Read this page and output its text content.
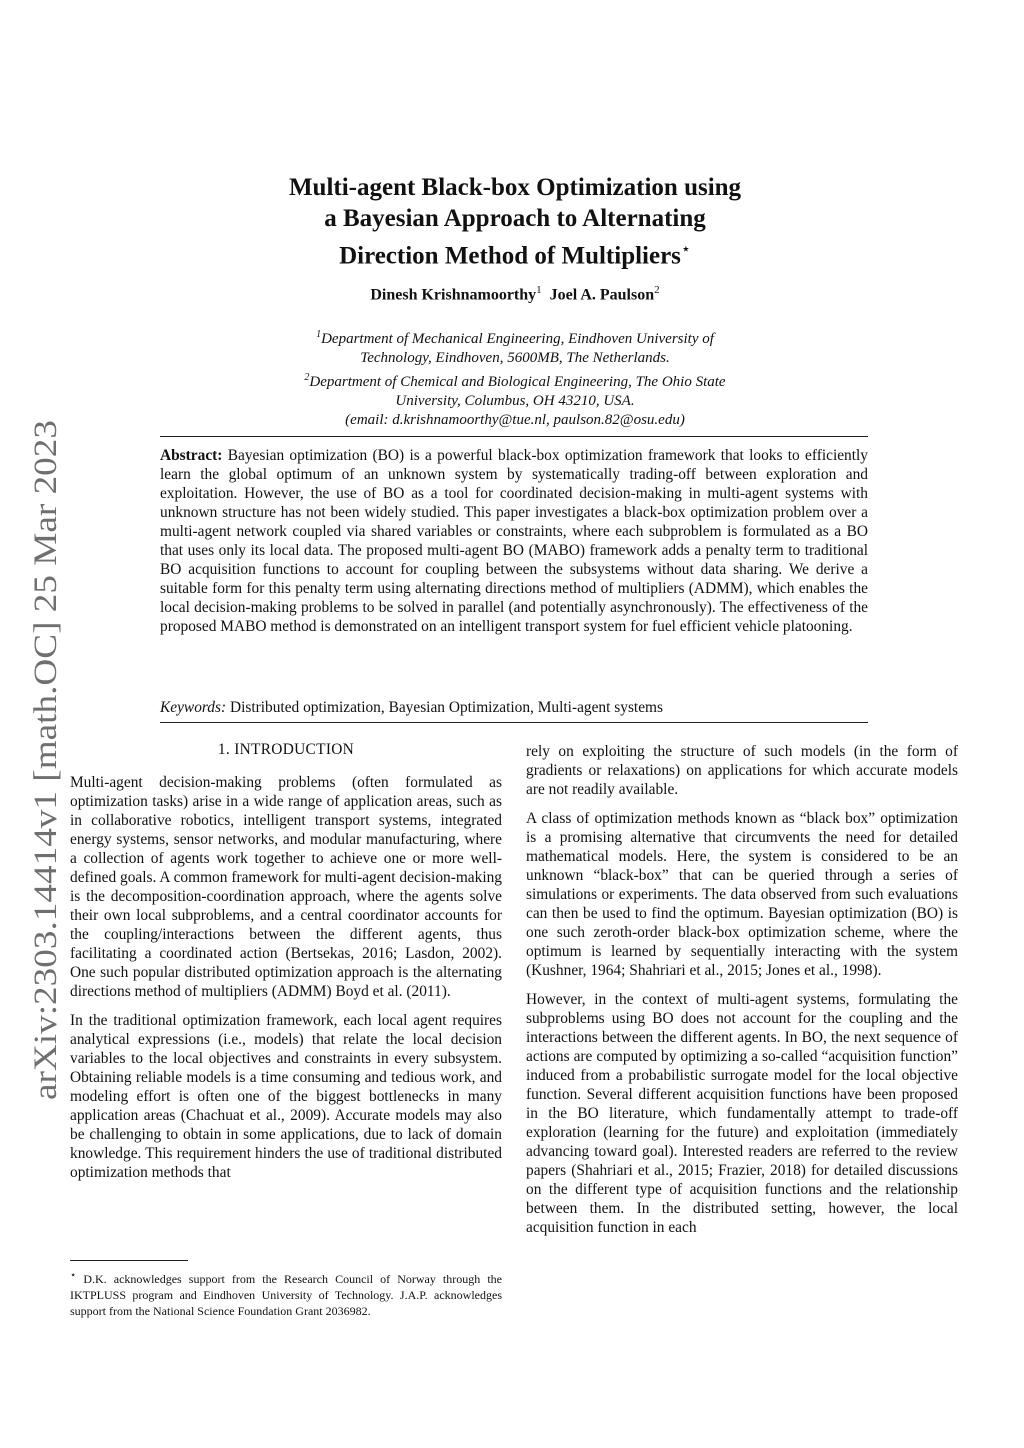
arXiv:2303.14414v1 [math.OC] 25 Mar 2023
Multi-agent Black-box Optimization using
a Bayesian Approach to Alternating
Direction Method of Multipliers⋆
Dinesh Krishnamoorthy$^1$ Joel A. Paulson$^2$
$^1$Department of Mechanical Engineering, Eindhoven University of
Technology, Eindhoven, 5600MB, The Netherlands.
$^2$Department of Chemical and Biological Engineering, The Ohio State
University, Columbus, OH 43210, USA.
(email: d.krishnamoorthy@tue.nl, paulson.82@osu.edu)
Abstract: Bayesian optimization (BO) is a powerful black-box optimization framework that looks to efficiently learn the global optimum of an unknown system by systematically trading-off between exploration and exploitation. However, the use of BO as a tool for coordinated decision-making in multi-agent systems with unknown structure has not been widely studied. This paper investigates a black-box optimization problem over a multi-agent network coupled via shared variables or constraints, where each subproblem is formulated as a BO that uses only its local data. The proposed multi-agent BO (MABO) framework adds a penalty term to traditional BO acquisition functions to account for coupling between the subsystems without data sharing. We derive a suitable form for this penalty term using alternating directions method of multipliers (ADMM), which enables the local decision-making problems to be solved in parallel (and potentially asynchronously). The effectiveness of the proposed MABO method is demonstrated on an intelligent transport system for fuel efficient vehicle platooning.
Keywords: Distributed optimization, Bayesian Optimization, Multi-agent systems
1. INTRODUCTION

Multi-agent decision-making problems (often formulated as optimization tasks) arise in a wide range of application areas, such as in collaborative robotics, intelligent transport systems, integrated energy systems, sensor networks, and modular manufacturing, where a collection of agents work together to achieve one or more well-defined goals. A common framework for multi-agent decision-making is the decomposition-coordination approach, where the agents solve their own local subproblems, and a central coordinator accounts for the coupling/interactions between the different agents, thus facilitating a coordinated action (Bertsekas, 2016; Lasdon, 2002). One such popular distributed optimization approach is the alternating directions method of multipliers (ADMM) Boyd et al. (2011).

In the traditional optimization framework, each local agent requires analytical expressions (i.e., models) that relate the local decision variables to the local objectives and constraints in every subsystem. Obtaining reliable models is a time consuming and tedious work, and modeling effort is often one of the biggest bottlenecks in many application areas (Chachuat et al., 2009). Accurate models may also be challenging to obtain in some applications, due to lack of domain knowledge. This requirement hinders the use of traditional distributed optimization methods that

rely on exploiting the structure of such models (in the form of gradients or relaxations) on applications for which accurate models are not readily available.

A class of optimization methods known as “black box” optimization is a promising alternative that circumvents the need for detailed mathematical models. Here, the system is considered to be an unknown “black-box” that can be queried through a series of simulations or experiments. The data observed from such evaluations can then be used to find the optimum. Bayesian optimization (BO) is one such zeroth-order black-box optimization scheme, where the optimum is learned by sequentially interacting with the system (Kushner, 1964; Shahriari et al., 2015; Jones et al., 1998).

However, in the context of multi-agent systems, formulating the subproblems using BO does not account for the coupling and the interactions between the different agents. In BO, the next sequence of actions are computed by optimizing a so-called “acquisition function” induced from a probabilistic surrogate model for the local objective function. Several different acquisition functions have been proposed in the BO literature, which fundamentally attempt to trade-off exploration (learning for the future) and exploitation (immediately advancing toward goal). Interested readers are referred to the review papers (Shahriari et al., 2015; Frazier, 2018) for detailed discussions on the different type of acquisition functions and the relationship between them. In the distributed setting, however, the local acquisition function in each

⋆ D.K. acknowledges support from the Research Council of Norway through the IKTPLUSS program and Eindhoven University of Technology. J.A.P. acknowledges support from the National Science Foundation Grant 2036982.
